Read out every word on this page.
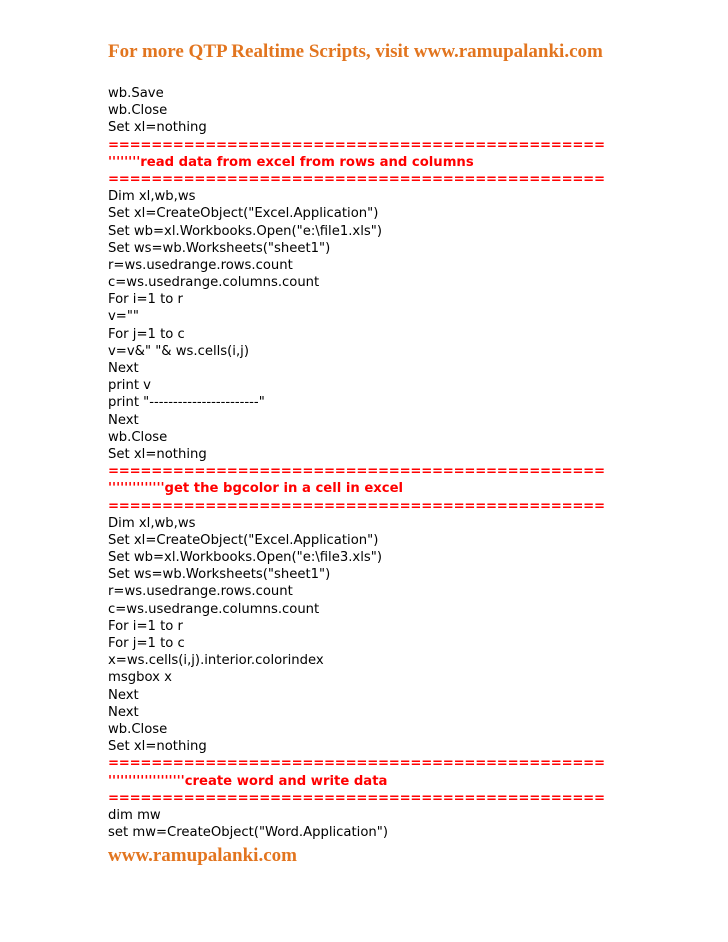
For more QTP Realtime Scripts, visit www.ramupalanki.com
wb.Save
wb.Close
Set xl=nothing
==============================================
''''''''read data from excel from rows and columns
==============================================
Dim xl,wb,ws
Set xl=CreateObject("Excel.Application")
Set wb=xl.Workbooks.Open("e:\file1.xls")
Set ws=wb.Worksheets("sheet1")
r=ws.usedrange.rows.count
c=ws.usedrange.columns.count
For i=1 to r
v=""
For j=1 to c
v=v&" "& ws.cells(i,j)
Next
print v
print "-----------------------"
Next
wb.Close
Set xl=nothing
==============================================
''''''''''''''get the bgcolor in a cell in excel
==============================================
Dim xl,wb,ws
Set xl=CreateObject("Excel.Application")
Set wb=xl.Workbooks.Open("e:\file3.xls")
Set ws=wb.Worksheets("sheet1")
r=ws.usedrange.rows.count
c=ws.usedrange.columns.count
For i=1 to r
For j=1 to c
x=ws.cells(i,j).interior.colorindex
msgbox x
Next
Next
wb.Close
Set xl=nothing
==============================================
'''''''''''''''''''create word and write data
==============================================
dim mw
set mw=CreateObject("Word.Application")
www.ramupalanki.com
